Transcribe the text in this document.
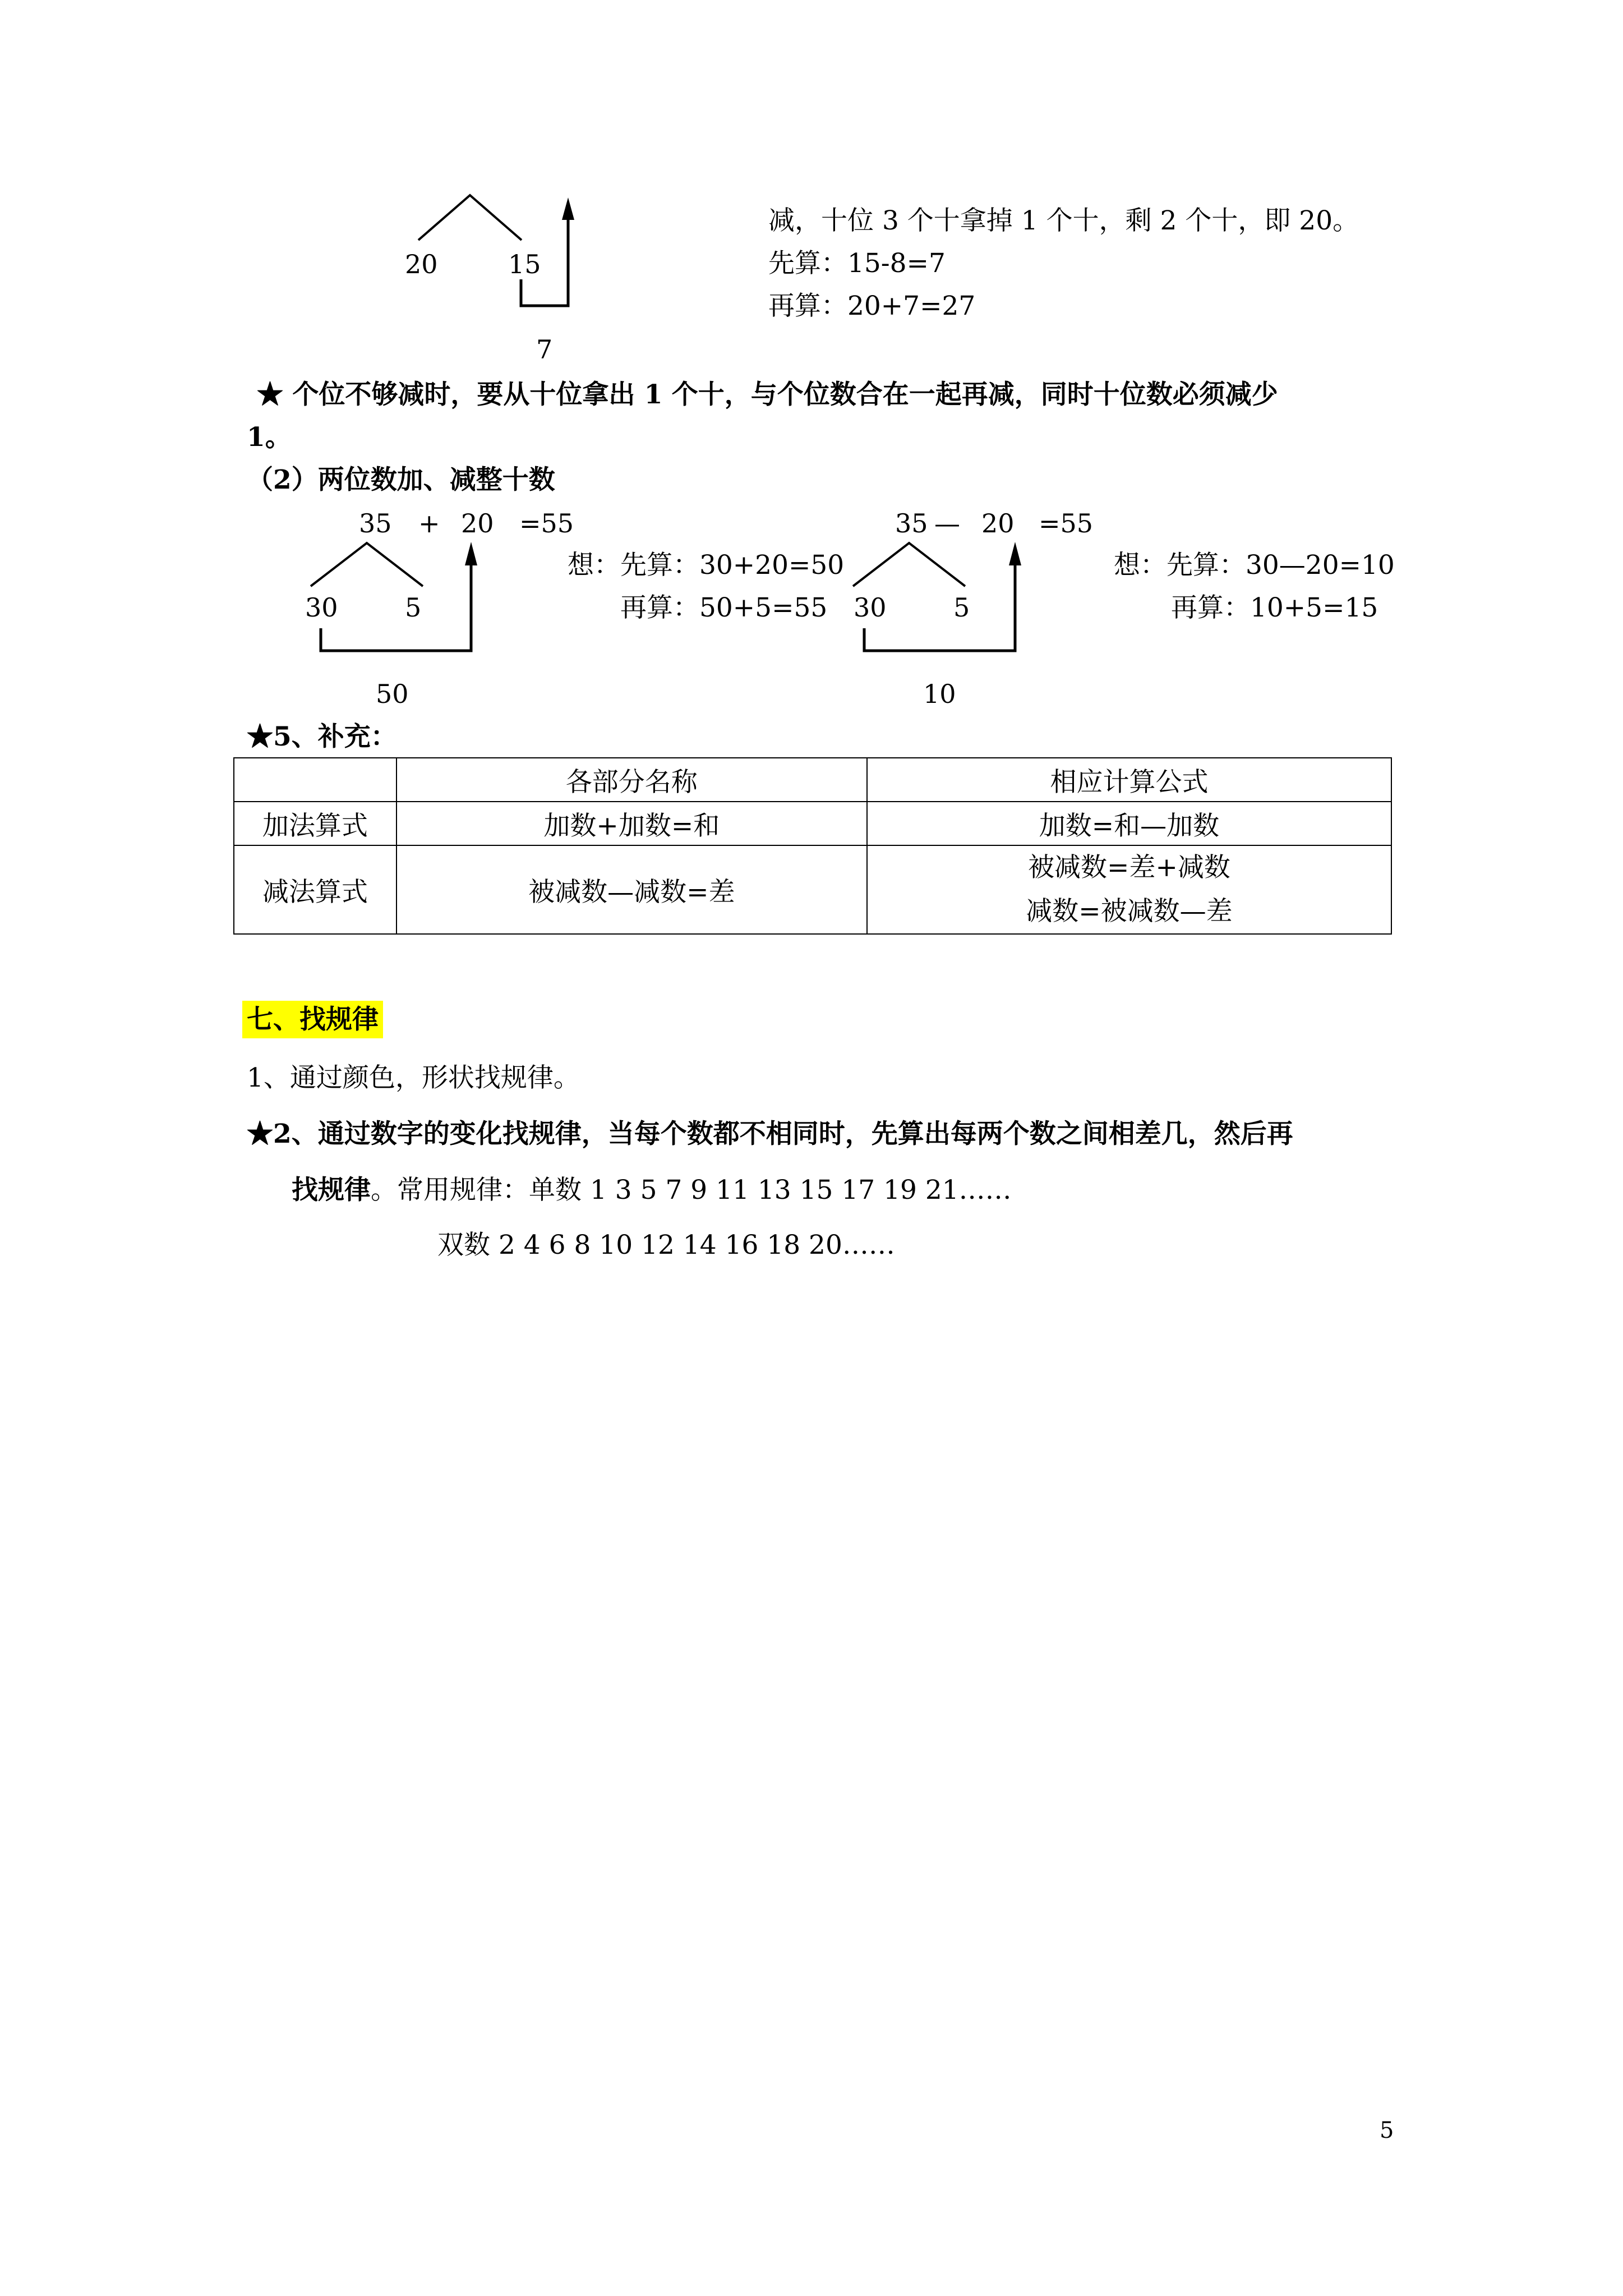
20	15
7
减，十位 3 个十拿掉 1 个十，剩 2 个十，即 20。
先算：15-8=7
再算：20+7=27
★ 个位不够减时，要从十位拿出 1 个十，与个位数合在一起再减，同时十位数必须减少
1。
（2）两位数加、减整十数
35 + 20 =55
30	5
50
想：先算：30+20=50
再算：50+5=55
35 — 20 =55
30	5
10
想：先算：30—20=10
再算：10+5=15
★5、补充：
	各部分名称	相应计算公式
加法算式	加数+加数=和	加数=和—加数
减法算式	被减数—减数=差	被减数=差+减数
减数=被减数—差
七、找规律
1、通过颜色，形状找规律。
★2、通过数字的变化找规律，当每个数都不相同时，先算出每两个数之间相差几，然后再
找规律。常用规律：单数 1 3 5 7 9 11 13 15 17 19 21……
双数 2 4 6 8 10 12 14 16 18 20……
5
